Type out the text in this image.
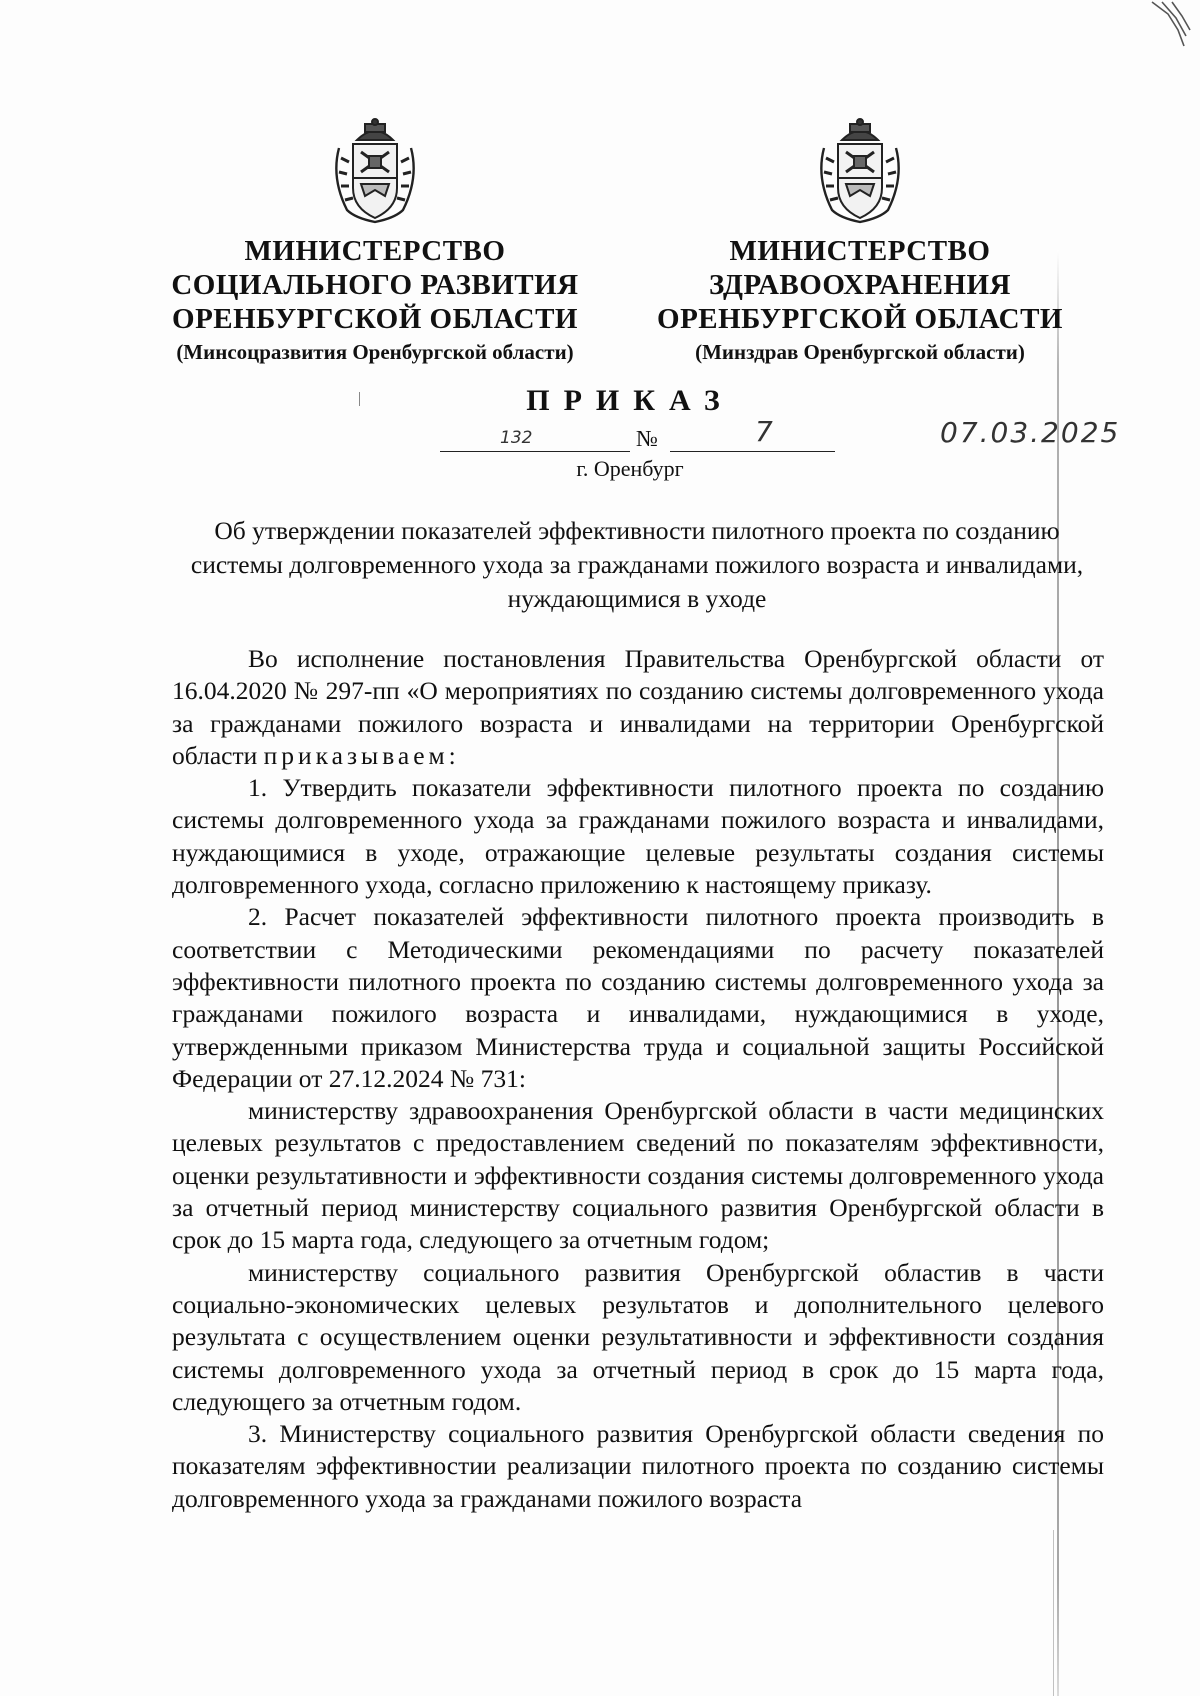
МИНИСТЕРСТВО
СОЦИАЛЬНОГО РАЗВИТИЯ
ОРЕНБУРГСКОЙ ОБЛАСТИ
(Минсоцразвития Оренбургской области)
МИНИСТЕРСТВО
ЗДРАВООХРАНЕНИЯ
ОРЕНБУРГСКОЙ ОБЛАСТИ
(Минздрав Оренбургской области)
ПРИКАЗ
№
132	7	07.03.2025
г. Оренбург
Об утверждении показателей эффективности пилотного проекта по созданию системы долговременного ухода за гражданами пожилого возраста и инвалидами, нуждающимися в уходе

Во исполнение постановления Правительства Оренбургской области от 16.04.2020 № 297-пп «О мероприятиях по созданию системы долговременного ухода за гражданами пожилого возраста и инвалидами на территории Оренбургской области приказываем:

1. Утвердить показатели эффективности пилотного проекта по созданию системы долговременного ухода за гражданами пожилого возраста и инвалидами, нуждающимися в уходе, отражающие целевые результаты создания системы долговременного ухода, согласно приложению к настоящему приказу.

2. Расчет показателей эффективности пилотного проекта производить в соответствии с Методическими рекомендациями по расчету показателей эффективности пилотного проекта по созданию системы долговременного ухода за гражданами пожилого возраста и инвалидами, нуждающимися в уходе, утвержденными приказом Министерства труда и социальной защиты Российской Федерации от 27.12.2024 № 731:

министерству здравоохранения Оренбургской области в части медицинских целевых результатов с предоставлением сведений по показателям эффективности, оценки результативности и эффективности создания системы долговременного ухода за отчетный период министерству социального развития Оренбургской области в срок до 15 марта года, следующего за отчетным годом;

министерству социального развития Оренбургской областив в части социально-экономических целевых результатов и дополнительного целевого результата с осуществлением оценки результативности и эффективности создания системы долговременного ухода за отчетный период в срок до 15 марта года, следующего за отчетным годом.

3. Министерству социального развития Оренбургской области сведения по показателям эффективностии реализации пилотного проекта по созданию системы долговременного ухода за гражданами пожилого возраста
